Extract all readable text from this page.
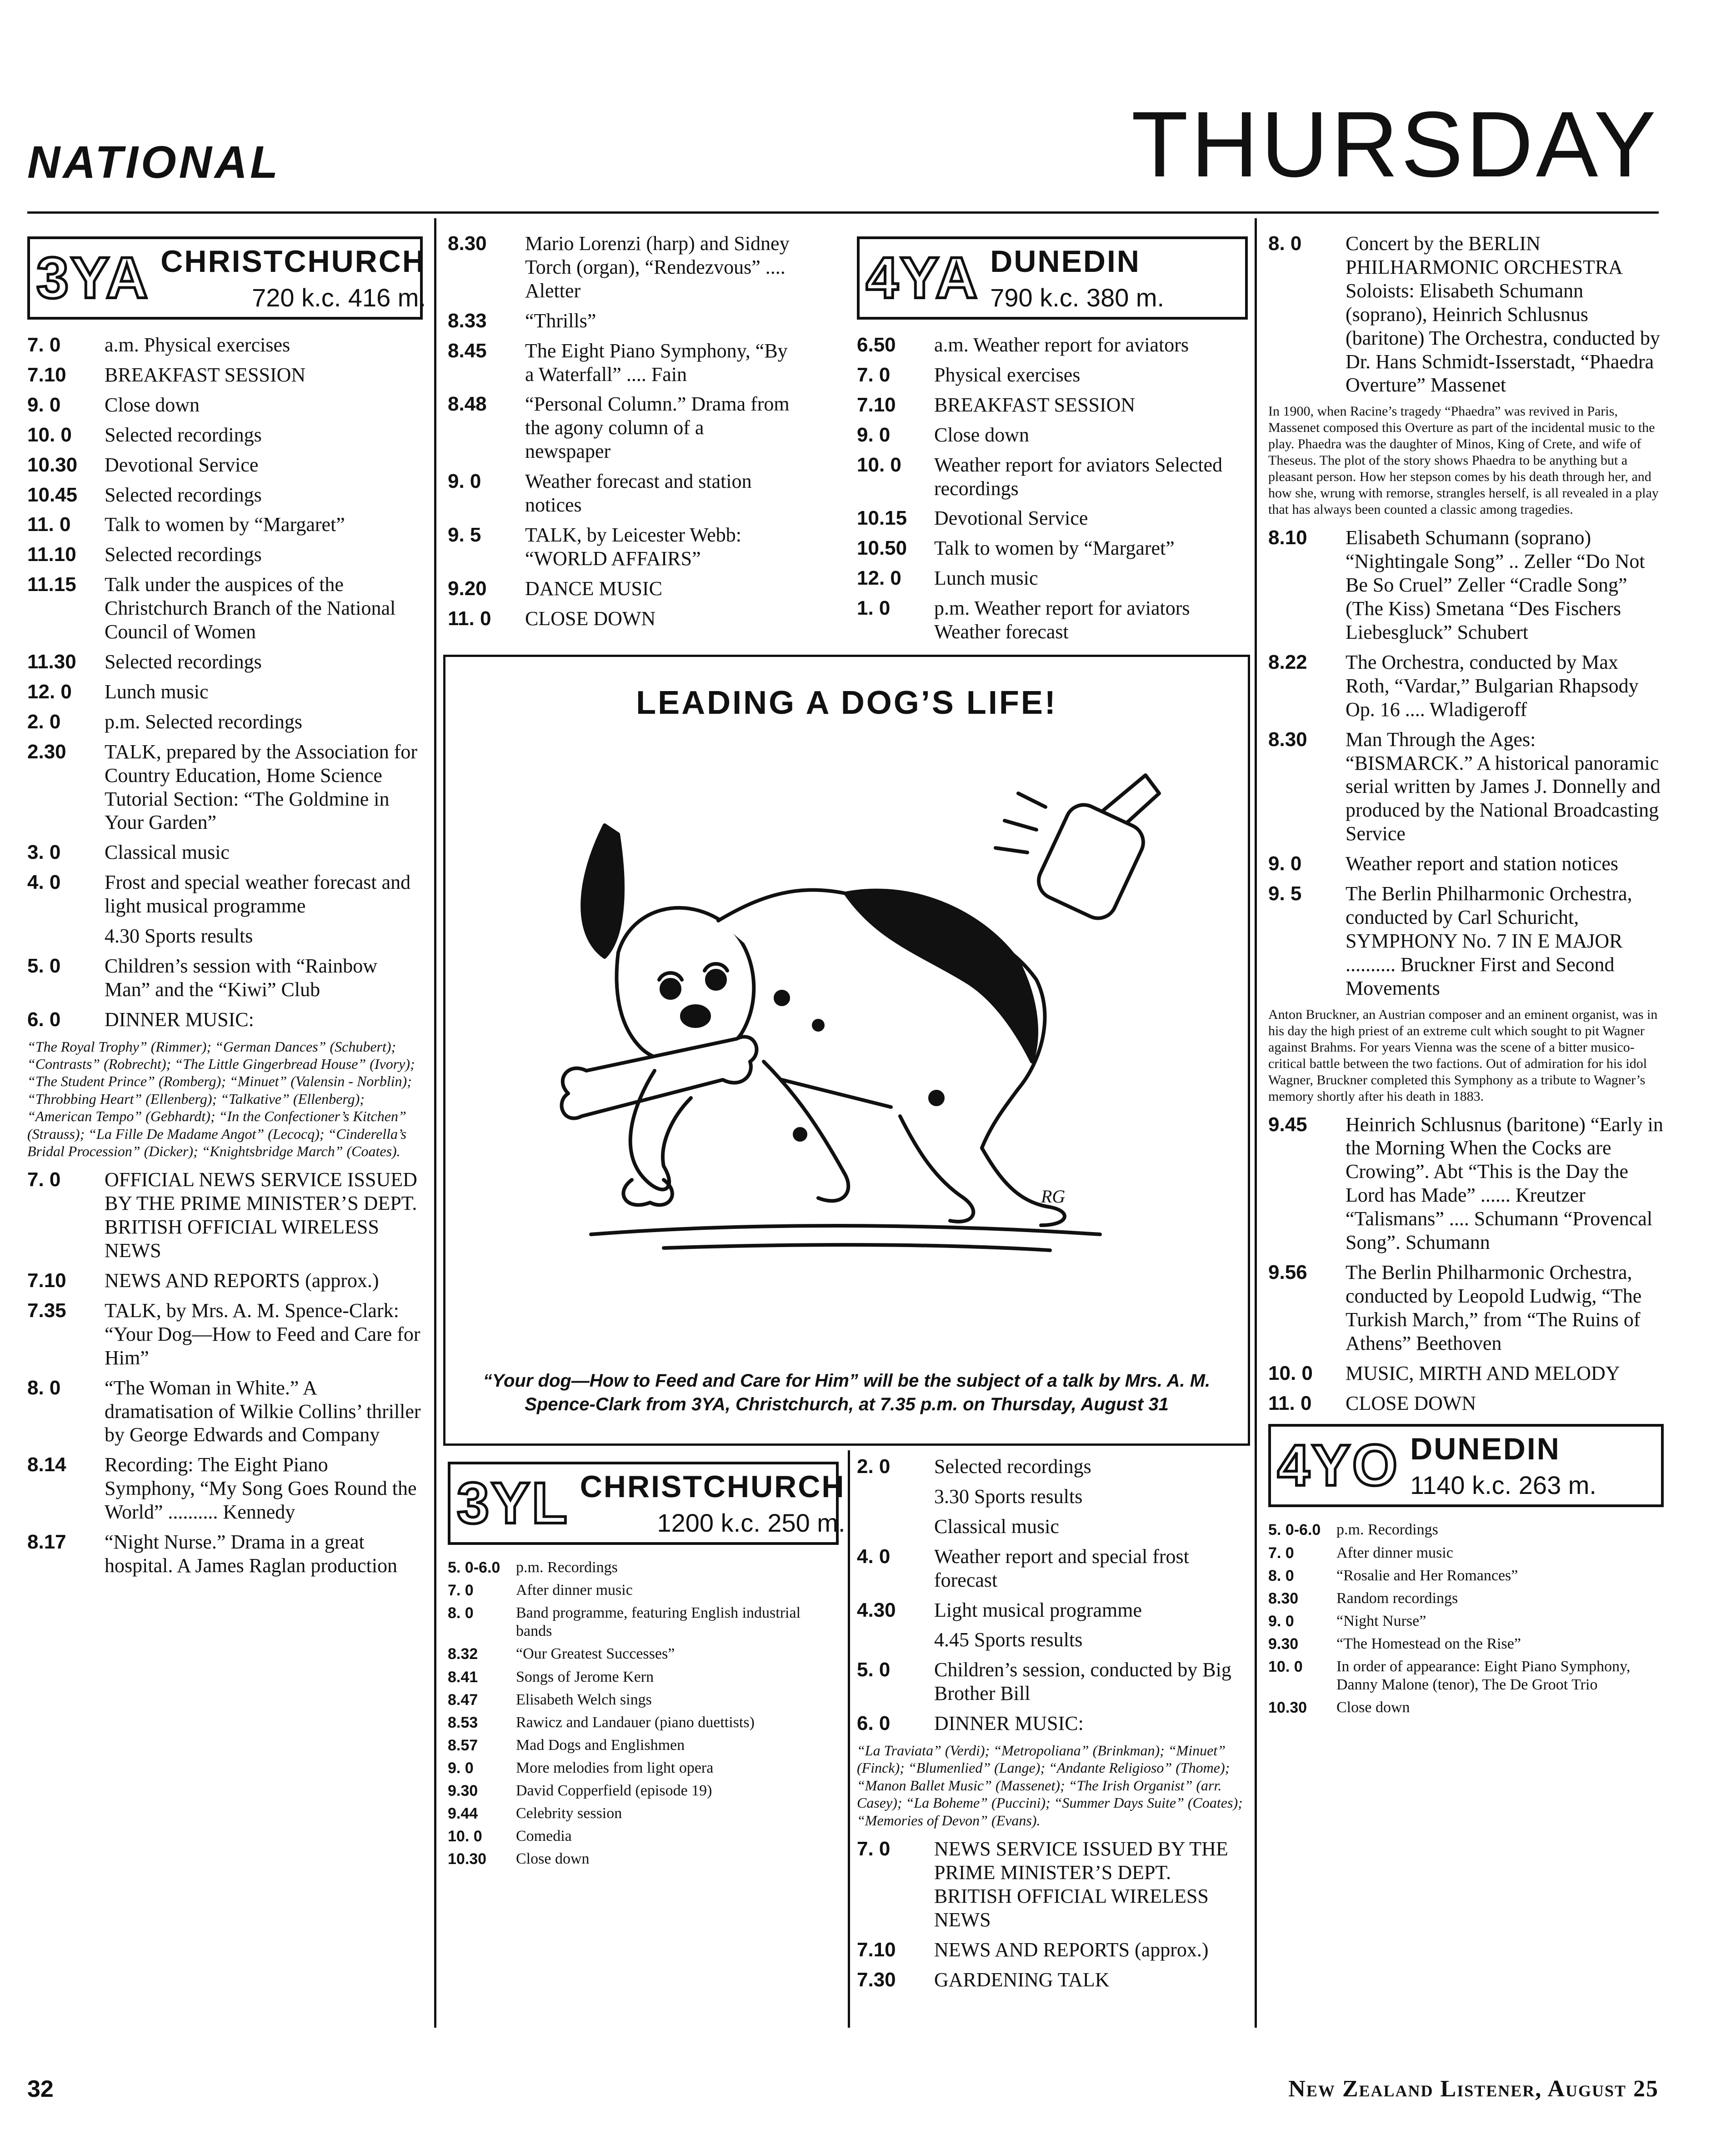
NATIONAL	THURSDAY
3YA CHRISTCHURCH
720 k.c. 416 m.
7. 0	a.m. Physical exercises
7.10	BREAKFAST SESSION
9. 0	Close down
10. 0	Selected recordings
10.30	Devotional Service
10.45	Selected recordings
11. 0	Talk to women by “Margaret”
11.10	Selected recordings
11.15	Talk under the auspices of the Christchurch Branch of the National Council of Women
11.30	Selected recordings
12. 0	Lunch music
2. 0	p.m. Selected recordings
2.30	TALK, prepared by the Association for Country Education, Home Science Tutorial Section: “The Goldmine in Your Garden”
3. 0	Classical music
4. 0	Frost and special weather forecast and light musical programme
4.30 Sports results
5. 0	Children’s session with “Rainbow Man” and the “Kiwi” Club
6. 0	DINNER MUSIC:
“The Royal Trophy” (Rimmer); “German Dances” (Schubert); “Contrasts” (Robrecht); “The Little Gingerbread House” (Ivory); “The Student Prince” (Romberg); “Minuet” (Valensin - Norblin); “Throbbing Heart” (Ellenberg); “Talkative” (Ellenberg); “American Tempo” (Gebhardt); “In the Confectioner’s Kitchen” (Strauss); “La Fille De Madame Angot” (Lecocq); “Cinderella’s Bridal Procession” (Dicker); “Knightsbridge March” (Coates).
7. 0	OFFICIAL NEWS SERVICE ISSUED BY THE PRIME MINISTER’S DEPT. BRITISH OFFICIAL WIRELESS NEWS
7.10	NEWS AND REPORTS (approx.)
7.35	TALK, by Mrs. A. M. Spence-Clark: “Your Dog—How to Feed and Care for Him”
8. 0	“The Woman in White.” A dramatisation of Wilkie Collins’ thriller by George Edwards and Company
8.14	Recording: The Eight Piano Symphony, “My Song Goes Round the World” .......... Kennedy
8.17	“Night Nurse.” Drama in a great hospital. A James Raglan production
8.30	Mario Lorenzi (harp) and Sidney Torch (organ), “Rendezvous” .... Aletter
8.33	“Thrills”
8.45	The Eight Piano Symphony, “By a Waterfall” .... Fain
8.48	“Personal Column.” Drama from the agony column of a newspaper
9. 0	Weather forecast and station notices
9. 5	TALK, by Leicester Webb: “WORLD AFFAIRS”
9.20	DANCE MUSIC
11. 0	CLOSE DOWN
4YA DUNEDIN
790 k.c. 380 m.
6.50	a.m. Weather report for aviators
7. 0	Physical exercises
7.10	BREAKFAST SESSION
9. 0	Close down
10. 0	Weather report for aviators Selected recordings
10.15	Devotional Service
10.50	Talk to women by “Margaret”
12. 0	Lunch music
1. 0	p.m. Weather report for aviators Weather forecast
LEADING A DOG’S LIFE!
RG
“Your dog—How to Feed and Care for Him” will be the subject of a talk by Mrs. A. M. Spence-Clark from 3YA, Christchurch, at 7.35 p.m. on Thursday, August 31
3YL CHRISTCHURCH
1200 k.c. 250 m.
5. 0-6.0	p.m. Recordings
7. 0	After dinner music
8. 0	Band programme, featuring English industrial bands
8.32	“Our Greatest Successes”
8.41	Songs of Jerome Kern
8.47	Elisabeth Welch sings
8.53	Rawicz and Landauer (piano duettists)
8.57	Mad Dogs and Englishmen
9. 0	More melodies from light opera
9.30	David Copperfield (episode 19)
9.44	Celebrity session
10. 0	Comedia
10.30	Close down
2. 0	Selected recordings
3.30 Sports results
Classical music
4. 0	Weather report and special frost forecast
4.30	Light musical programme
4.45 Sports results
5. 0	Children’s session, conducted by Big Brother Bill
6. 0	DINNER MUSIC:
“La Traviata” (Verdi); “Metropoliana” (Brinkman); “Minuet” (Finck); “Blumenlied” (Lange); “Andante Religioso” (Thome); “Manon Ballet Music” (Massenet); “The Irish Organist” (arr. Casey); “La Boheme” (Puccini); “Summer Days Suite” (Coates); “Memories of Devon” (Evans).
7. 0	NEWS SERVICE ISSUED BY THE PRIME MINISTER’S DEPT. BRITISH OFFICIAL WIRELESS NEWS
7.10	NEWS AND REPORTS (approx.)
7.30	GARDENING TALK
8. 0	Concert by the BERLIN PHILHARMONIC ORCHESTRA Soloists: Elisabeth Schumann (soprano), Heinrich Schlusnus (baritone) The Orchestra, conducted by Dr. Hans Schmidt-Isserstadt, “Phaedra Overture” Massenet
In 1900, when Racine’s tragedy “Phaedra” was revived in Paris, Massenet composed this Overture as part of the incidental music to the play. Phaedra was the daughter of Minos, King of Crete, and wife of Theseus. The plot of the story shows Phaedra to be anything but a pleasant person. How her stepson comes by his death through her, and how she, wrung with remorse, strangles herself, is all revealed in a play that has always been counted a classic among tragedies.
8.10	Elisabeth Schumann (soprano) “Nightingale Song” .. Zeller “Do Not Be So Cruel” Zeller “Cradle Song” (The Kiss) Smetana “Des Fischers Liebesgluck” Schubert
8.22	The Orchestra, conducted by Max Roth, “Vardar,” Bulgarian Rhapsody Op. 16 .... Wladigeroff
8.30	Man Through the Ages: “BISMARCK.” A historical panoramic serial written by James J. Donnelly and produced by the National Broadcasting Service
9. 0	Weather report and station notices
9. 5	The Berlin Philharmonic Orchestra, conducted by Carl Schuricht, SYMPHONY No. 7 IN E MAJOR .......... Bruckner First and Second Movements
Anton Bruckner, an Austrian composer and an eminent organist, was in his day the high priest of an extreme cult which sought to pit Wagner against Brahms. For years Vienna was the scene of a bitter musico-critical battle between the two factions. Out of admiration for his idol Wagner, Bruckner completed this Symphony as a tribute to Wagner’s memory shortly after his death in 1883.
9.45	Heinrich Schlusnus (baritone) “Early in the Morning When the Cocks are Crowing”. Abt “This is the Day the Lord has Made” ...... Kreutzer “Talismans” .... Schumann “Provencal Song”. Schumann
9.56	The Berlin Philharmonic Orchestra, conducted by Leopold Ludwig, “The Turkish March,” from “The Ruins of Athens” Beethoven
10. 0	MUSIC, MIRTH AND MELODY
11. 0	CLOSE DOWN
4YO DUNEDIN
1140 k.c. 263 m.
5. 0-6.0	p.m. Recordings
7. 0	After dinner music
8. 0	“Rosalie and Her Romances”
8.30	Random recordings
9. 0	“Night Nurse”
9.30	“The Homestead on the Rise”
10. 0	In order of appearance: Eight Piano Symphony, Danny Malone (tenor), The De Groot Trio
10.30	Close down
32	New Zealand Listener, August 25
